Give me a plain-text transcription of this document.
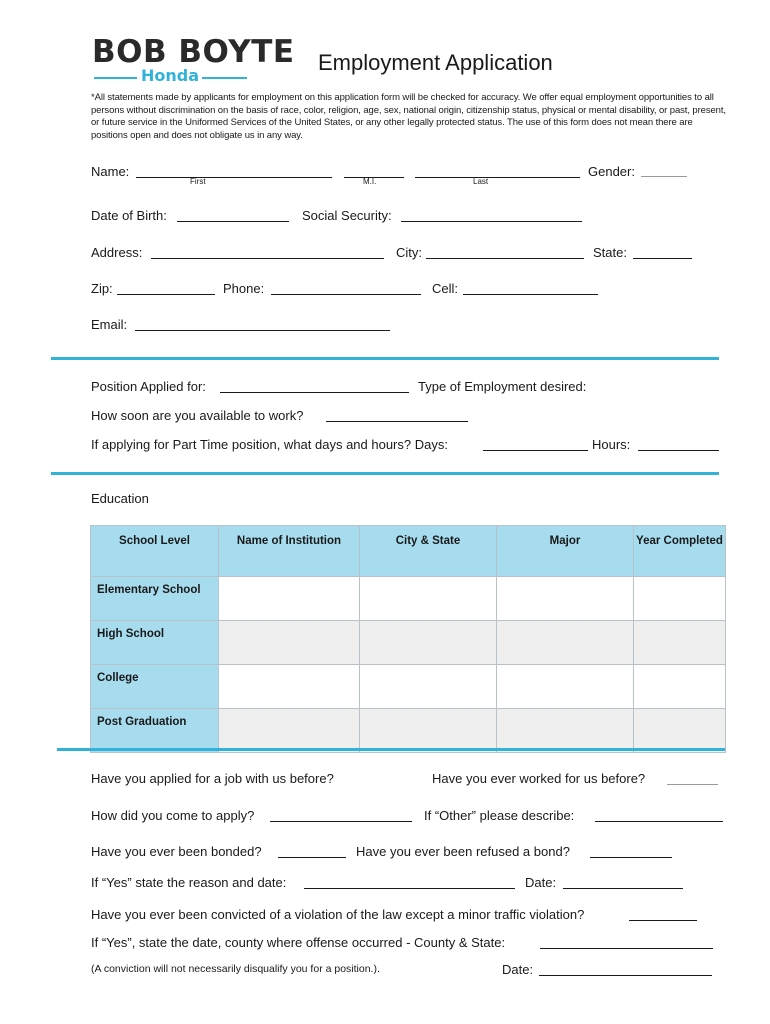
BOB BOYTE
Honda
Employment Application
*All statements made by applicants for employment on this application form will be checked for accuracy. We offer equal employment opportunities to all persons without discrimination on the basis of race, color, religion, age, sex, national origin, citizenship status, physical or mental disability, or past, present, or future service in the Uniformed Services of the United States, or any other legally protected status. The use of this form does not mean there are positions open and does not obligate us in any way.
Name:
First	M.I.	Last
Gender:
Date of Birth:	Social Security:
Address:	City:	State:
Zip:	Phone:	Cell:
Email:
Position Applied for:	Type of Employment desired:
How soon are you available to work?
If applying for Part Time position, what days and hours? Days:	Hours:
Education
School Level	Name of Institution	City & State	Major	Year Completed
Elementary School				
High School				
College				
Post Graduation				
Have you applied for a job with us before?	Have you ever worked for us before?
How did you come to apply?	If “Other” please describe:
Have you ever been bonded?	Have you ever been refused a bond?
If “Yes” state the reason and date:	Date:
Have you ever been convicted of a violation of the law except a minor traffic violation?
If “Yes”, state the date, county where offense occurred - County & State:
(A conviction will not necessarily disqualify you for a position.).	Date:
